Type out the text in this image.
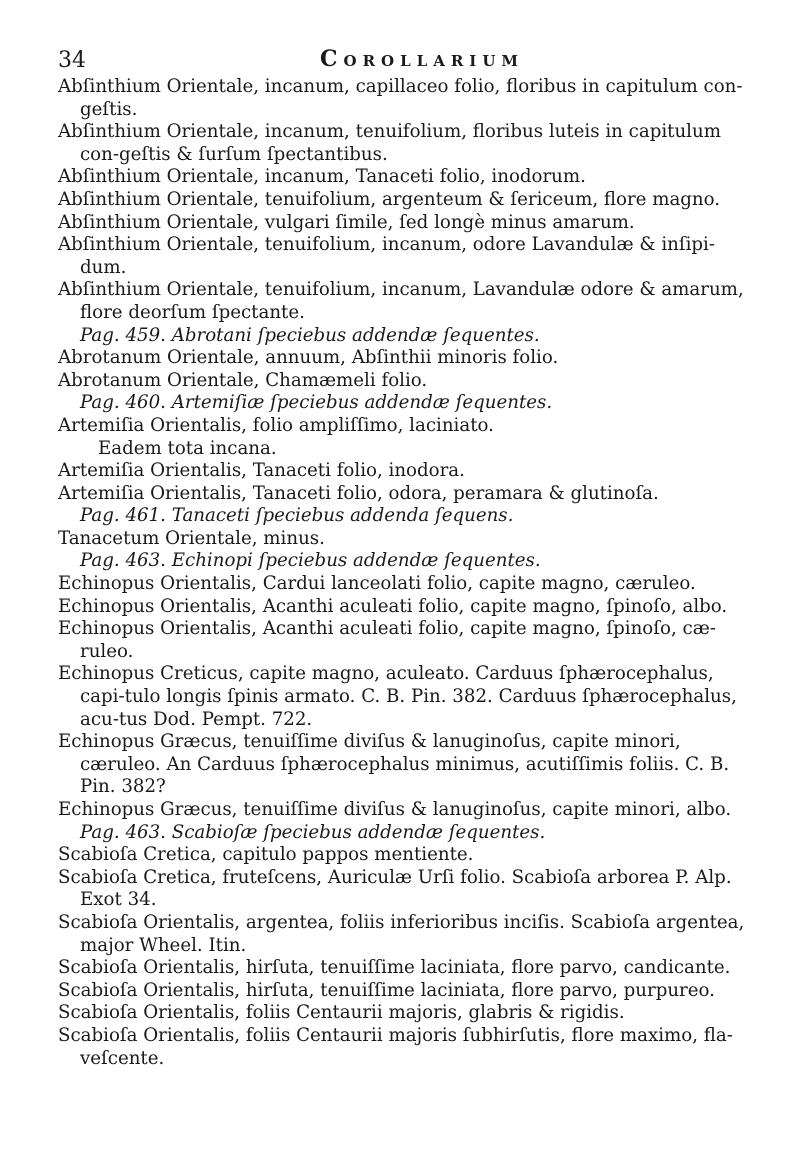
34	Corollarium

Abſinthium Orientale, incanum, capillaceo folio, floribus in capitulum con-geſtis.

Abſinthium Orientale, incanum, tenuifolium, floribus luteis in capitulum con-geſtis & ſurſum ſpectantibus.

Abſinthium Orientale, incanum, Tanaceti folio, inodorum.

Abſinthium Orientale, tenuifolium, argenteum & ſericeum, flore magno.

Abſinthium Orientale, vulgari ſimile, ſed longè minus amarum.

Abſinthium Orientale, tenuifolium, incanum, odore Lavandulæ & inſipi-dum.

Abſinthium Orientale, tenuifolium, incanum, Lavandulæ odore & amarum, flore deorſum ſpectante.

Pag. 459. Abrotani ſpeciebus addendæ ſequentes.

Abrotanum Orientale, annuum, Abſinthii minoris folio.

Abrotanum Orientale, Chamæmeli folio.

Pag. 460. Artemiſiæ ſpeciebus addendæ ſequentes.

Artemiſia Orientalis, folio ampliſſimo, laciniato.

Eadem tota incana.

Artemiſia Orientalis, Tanaceti folio, inodora.

Artemiſia Orientalis, Tanaceti folio, odora, peramara & glutinoſa.

Pag. 461. Tanaceti ſpeciebus addenda ſequens.

Tanacetum Orientale, minus.

Pag. 463. Echinopi ſpeciebus addendæ ſequentes.

Echinopus Orientalis, Cardui lanceolati folio, capite magno, cæruleo.

Echinopus Orientalis, Acanthi aculeati folio, capite magno, ſpinoſo, albo.

Echinopus Orientalis, Acanthi aculeati folio, capite magno, ſpinoſo, cæ-ruleo.

Echinopus Creticus, capite magno, aculeato. Carduus ſphærocephalus, capi-tulo longis ſpinis armato. C. B. Pin. 382. Carduus ſphærocephalus, acu-tus Dod. Pempt. 722.

Echinopus Græcus, tenuiſſime diviſus & lanuginoſus, capite minori, cæruleo. An Carduus ſphærocephalus minimus, acutiſſimis foliis. C. B. Pin. 382?

Echinopus Græcus, tenuiſſime diviſus & lanuginoſus, capite minori, albo.

Pag. 463. Scabioſæ ſpeciebus addendæ ſequentes.

Scabioſa Cretica, capitulo pappos mentiente.

Scabioſa Cretica, fruteſcens, Auriculæ Urſi folio. Scabioſa arborea P. Alp. Exot 34.

Scabioſa Orientalis, argentea, foliis inferioribus inciſis. Scabioſa argentea, major Wheel. Itin.

Scabioſa Orientalis, hirſuta, tenuiſſime laciniata, flore parvo, candicante.

Scabioſa Orientalis, hirſuta, tenuiſſime laciniata, flore parvo, purpureo.

Scabioſa Orientalis, foliis Centaurii majoris, glabris & rigidis.

Scabioſa Orientalis, foliis Centaurii majoris ſubhirſutis, flore maximo, fla-veſcente.
